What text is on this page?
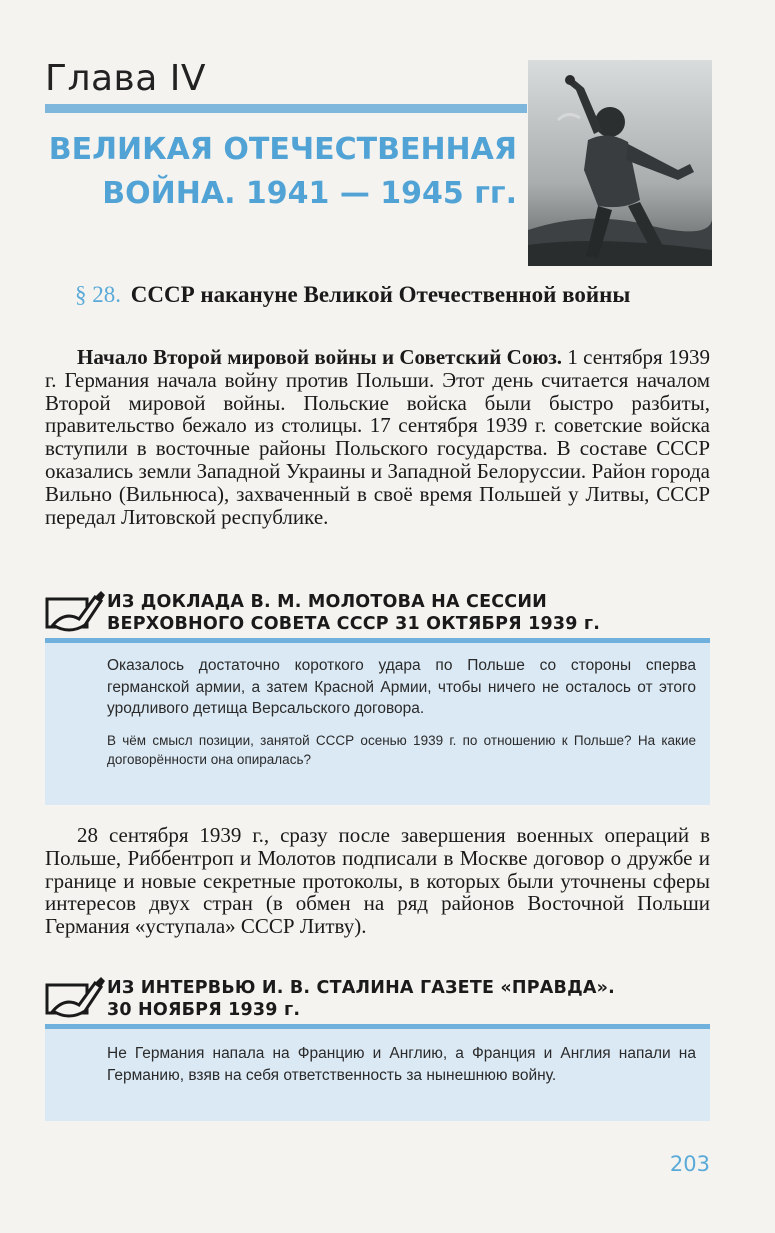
Глава IV
ВЕЛИКАЯ ОТЕЧЕСТВЕННАЯ
ВОЙНА. 1941 — 1945 гг.
§ 28. СССР накануне Великой Отечественной войны
Начало Второй мировой войны и Советский Союз. 1 сентября 1939 г. Германия начала войну против Польши. Этот день считается началом Второй мировой войны. Польские войска были быстро разбиты, правительство бежало из столицы. 17 сентября 1939 г. советские войска вступили в восточные районы Польского государства. В составе СССР оказались земли Западной Украины и Западной Белоруссии. Район города Вильно (Вильнюса), захваченный в своё время Польшей у Литвы, СССР передал Литовской республике.
ИЗ ДОКЛАДА В. М. МОЛОТОВА НА СЕССИИ
ВЕРХОВНОГО СОВЕТА СССР 31 ОКТЯБРЯ 1939 г.

Оказалось достаточно короткого удара по Польше со стороны сперва германской армии, а затем Красной Армии, чтобы ничего не осталось от этого уродливого детища Версальского договора.

В чём смысл позиции, занятой СССР осенью 1939 г. по отношению к Польше? На какие договорённости она опиралась?

28 сентября 1939 г., сразу после завершения военных операций в Польше, Риббентроп и Молотов подписали в Москве договор о дружбе и границе и новые секретные протоколы, в которых были уточнены сферы интересов двух стран (в обмен на ряд районов Восточной Польши Германия «уступала» СССР Литву).
ИЗ ИНТЕРВЬЮ И. В. СТАЛИНА ГАЗЕТЕ «ПРАВДА».
30 НОЯБРЯ 1939 г.

Не Германия напала на Францию и Англию, а Франция и Англия напали на Германию, взяв на себя ответственность за нынешнюю войну.

203
